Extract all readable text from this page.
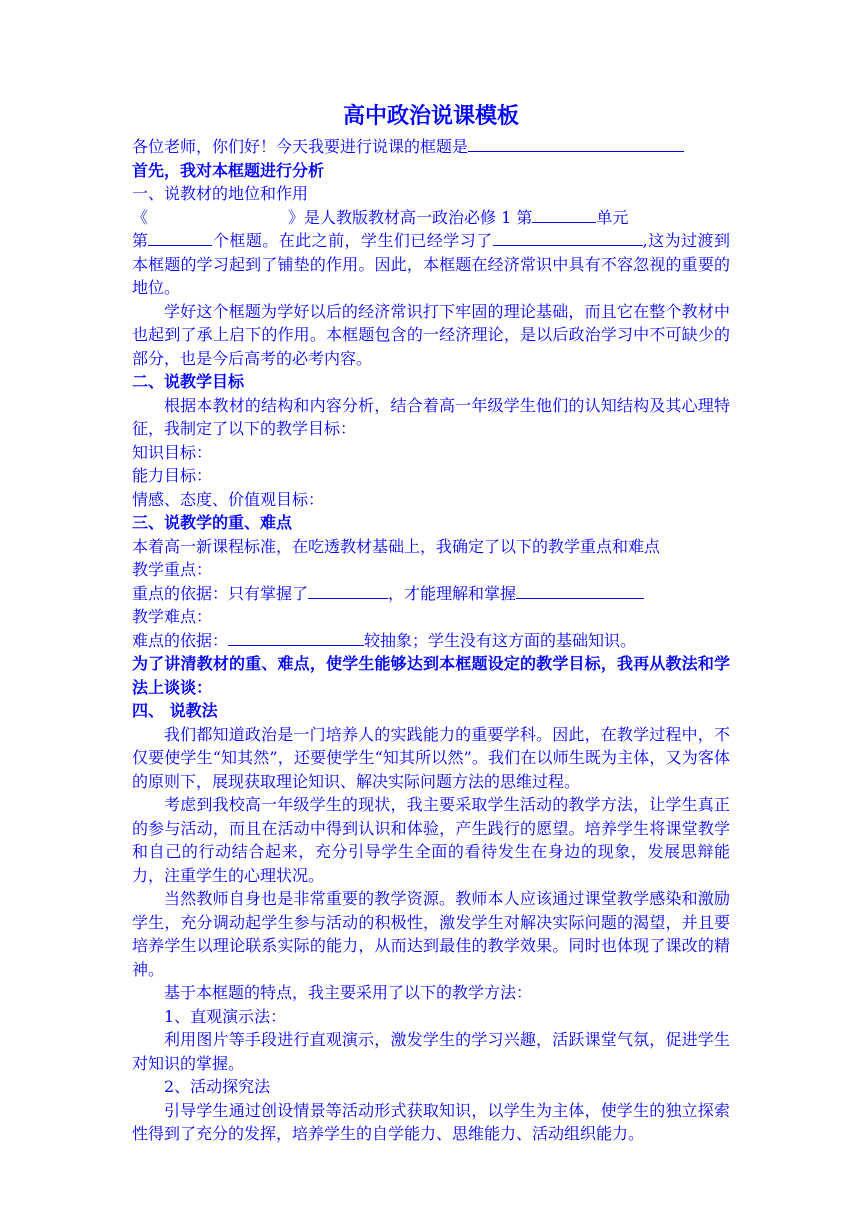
高中政治说课模板
各位老师，你们好！今天我要进行说课的框题是
首先，我对本框题进行分析
一、说教材的地位和作用
《	》是人教版教材高一政治必修 1 第	单元

第	个框题。在此之前，学生们已经学习了	,这为过渡到本框题的学习起到了铺垫的作用。因此，本框题在经济常识中具有不容忽视的重要的地位。

学好这个框题为学好以后的经济常识打下牢固的理论基础，而且它在整个教材中也起到了承上启下的作用。本框题包含的一经济理论，是以后政治学习中不可缺少的部分，也是今后高考的必考内容。

二、说教学目标

根据本教材的结构和内容分析，结合着高一年级学生他们的认知结构及其心理特征，我制定了以下的教学目标：

知识目标：
能力目标：
情感、态度、价值观目标：
三、说教学的重、难点
本着高一新课程标准，在吃透教材基础上，我确定了以下的教学重点和难点
教学重点：
重点的依据：只有掌握了	，才能理解和掌握
教学难点：
难点的依据：	较抽象；学生没有这方面的基础知识。

为了讲清教材的重、难点，使学生能够达到本框题设定的教学目标，我再从教法和学法上谈谈：

四、 说教法

我们都知道政治是一门培养人的实践能力的重要学科。因此，在教学过程中，不仅要使学生“知其然”，还要使学生“知其所以然”。我们在以师生既为主体，又为客体的原则下，展现获取理论知识、解决实际问题方法的思维过程。

考虑到我校高一年级学生的现状，我主要采取学生活动的教学方法，让学生真正的参与活动，而且在活动中得到认识和体验，产生践行的愿望。培养学生将课堂教学和自己的行动结合起来，充分引导学生全面的看待发生在身边的现象，发展思辩能力，注重学生的心理状况。

当然教师自身也是非常重要的教学资源。教师本人应该通过课堂教学感染和激励学生，充分调动起学生参与活动的积极性，激发学生对解决实际问题的渴望，并且要培养学生以理论联系实际的能力，从而达到最佳的教学效果。同时也体现了课改的精神。

基于本框题的特点，我主要采用了以下的教学方法：

1、直观演示法：

利用图片等手段进行直观演示，激发学生的学习兴趣，活跃课堂气氛，促进学生对知识的掌握。

2、活动探究法

引导学生通过创设情景等活动形式获取知识，以学生为主体，使学生的独立探索性得到了充分的发挥，培养学生的自学能力、思维能力、活动组织能力。
